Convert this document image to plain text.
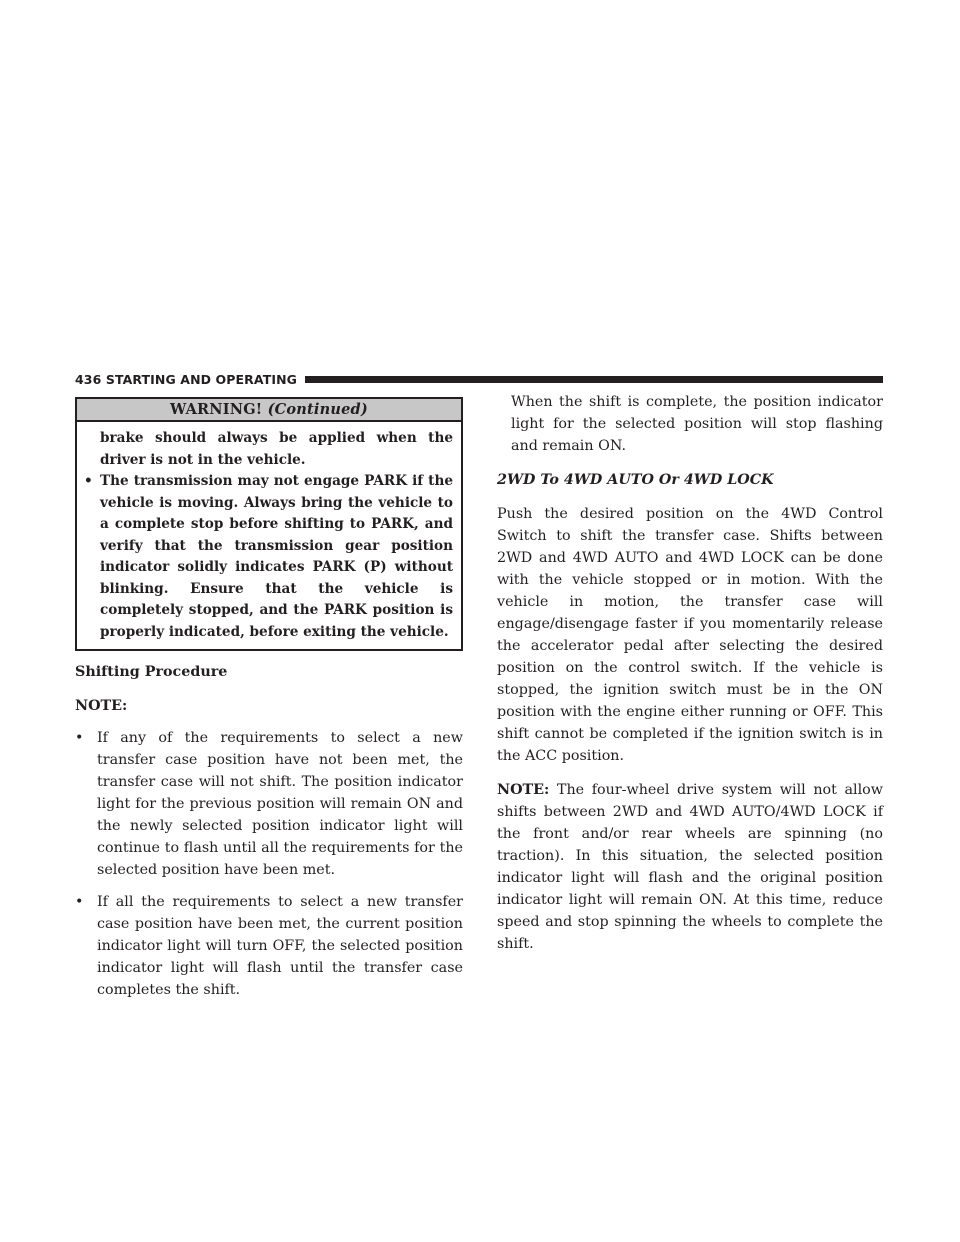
436 STARTING AND OPERATING
WARNING! (Continued)
brake should always be applied when the driver is not in the vehicle.
• The transmission may not engage PARK if the vehicle is moving. Always bring the vehicle to a complete stop before shifting to PARK, and verify that the transmission gear position indicator solidly indicates PARK (P) without blinking. Ensure that the vehicle is completely stopped, and the PARK position is properly indicated, before exiting the vehicle.
Shifting Procedure
NOTE:
• If any of the requirements to select a new transfer case position have not been met, the transfer case will not shift. The position indicator light for the previous position will remain ON and the newly selected position indicator light will continue to flash until all the requirements for the selected position have been met.
• If all the requirements to select a new transfer case position have been met, the current position indicator light will turn OFF, the selected position indicator light will flash until the transfer case completes the shift.
When the shift is complete, the position indicator light for the selected position will stop flashing and remain ON.
2WD To 4WD AUTO Or 4WD LOCK
Push the desired position on the 4WD Control Switch to shift the transfer case. Shifts between 2WD and 4WD AUTO and 4WD LOCK can be done with the vehicle stopped or in motion. With the vehicle in motion, the transfer case will engage/disengage faster if you momentarily release the accelerator pedal after selecting the desired position on the control switch. If the vehicle is stopped, the ignition switch must be in the ON position with the engine either running or OFF. This shift cannot be completed if the ignition switch is in the ACC position.
NOTE: The four-wheel drive system will not allow shifts between 2WD and 4WD AUTO/4WD LOCK if the front and/or rear wheels are spinning (no traction). In this situation, the selected position indicator light will flash and the original position indicator light will remain ON. At this time, reduce speed and stop spinning the wheels to complete the shift.
